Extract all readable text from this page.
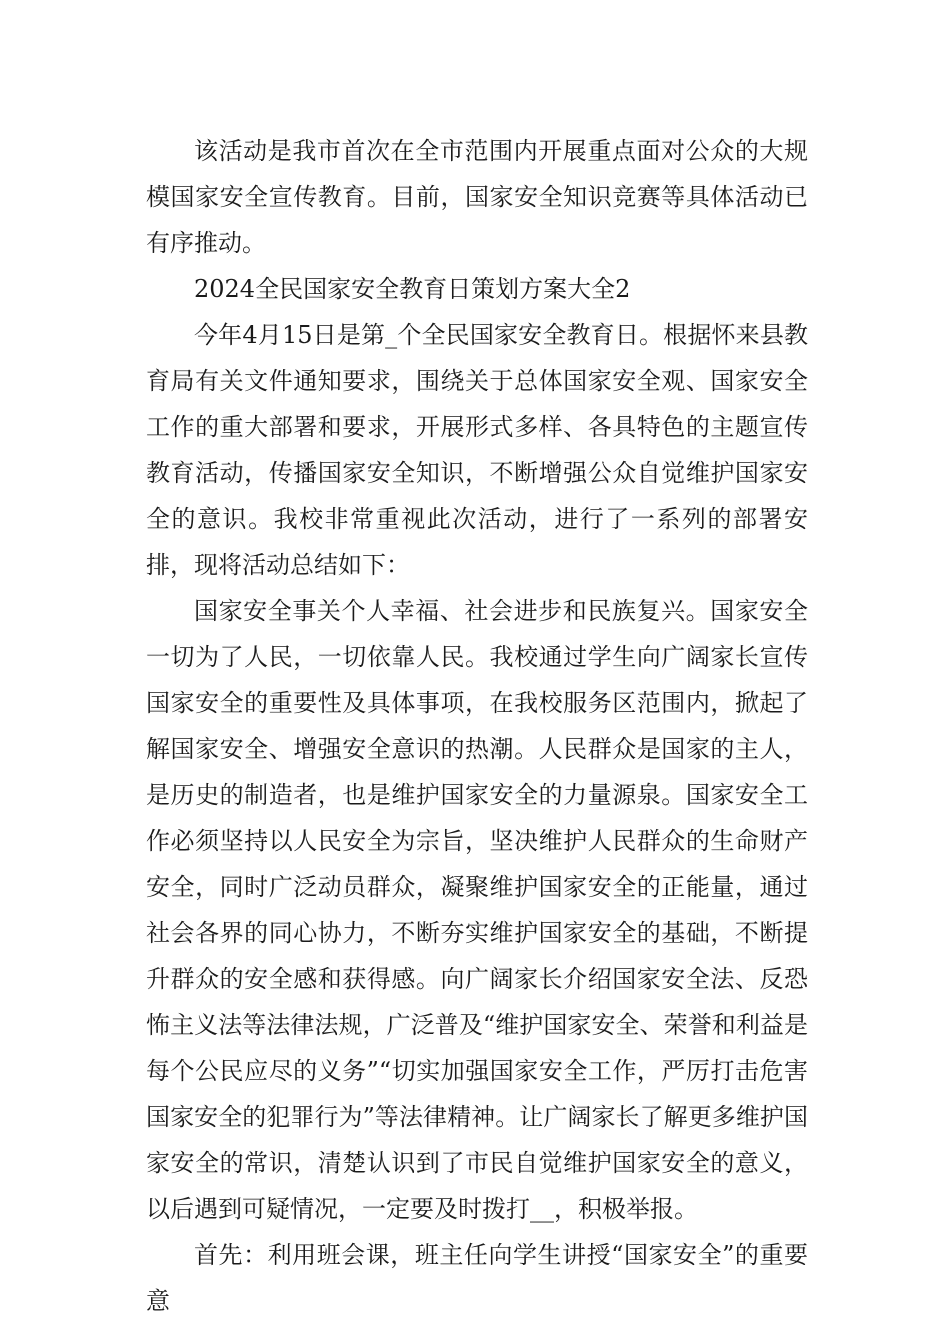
该活动是我市首次在全市范围内开展重点面对公众的大规模国家安全宣传教育。目前，国家安全知识竞赛等具体活动已有序推动。

2024全民国家安全教育日策划方案大全2

今年4月15日是第_个全民国家安全教育日。根据怀来县教育局有关文件通知要求，围绕关于总体国家安全观、国家安全工作的重大部署和要求，开展形式多样、各具特色的主题宣传教育活动，传播国家安全知识，不断增强公众自觉维护国家安全的意识。我校非常重视此次活动，进行了一系列的部署安排，现将活动总结如下：

国家安全事关个人幸福、社会进步和民族复兴。国家安全一切为了人民，一切依靠人民。我校通过学生向广阔家长宣传国家安全的重要性及具体事项，在我校服务区范围内，掀起了解国家安全、增强安全意识的热潮。人民群众是国家的主人，是历史的制造者，也是维护国家安全的力量源泉。国家安全工作必须坚持以人民安全为宗旨，坚决维护人民群众的生命财产安全，同时广泛动员群众，凝聚维护国家安全的正能量，通过社会各界的同心协力，不断夯实维护国家安全的基础，不断提升群众的安全感和获得感。向广阔家长介绍国家安全法、反恐怖主义法等法律法规，广泛普及“维护国家安全、荣誉和利益是每个公民应尽的义务”“切实加强国家安全工作，严厉打击危害国家安全的犯罪行为”等法律精神。让广阔家长了解更多维护国家安全的常识，清楚认识到了市民自觉维护国家安全的意义，以后遇到可疑情况，一定要及时拨打__，积极举报。

首先：利用班会课，班主任向学生讲授“国家安全”的重要意
